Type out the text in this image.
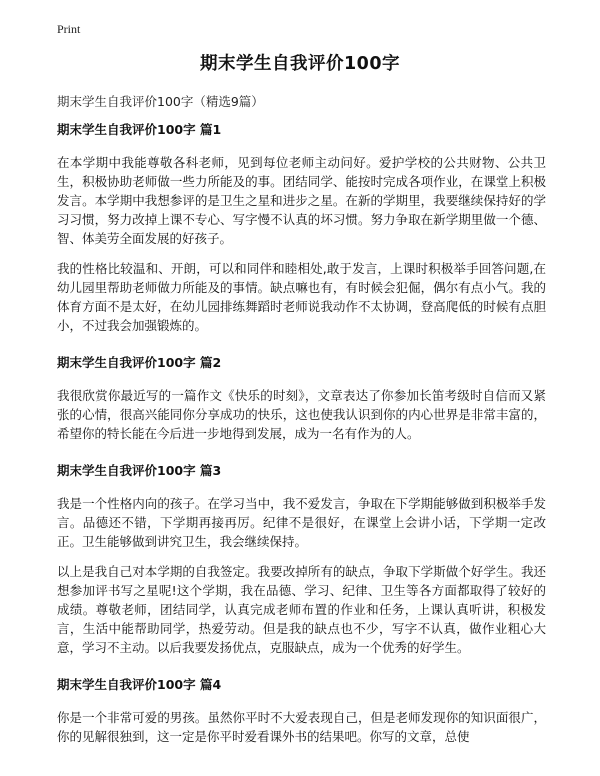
Print
期末学生自我评价100字
期末学生自我评价100字（精选9篇）
期末学生自我评价100字 篇1

在本学期中我能尊敬各科老师，见到每位老师主动问好。爱护学校的公共财物、公共卫生，积极协助老师做一些力所能及的事。团结同学、能按时完成各项作业，在课堂上积极发言。本学期中我想参评的是卫生之星和进步之星。在新的学期里，我要继续保持好的学习习惯，努力改掉上课不专心、写字慢不认真的坏习惯。努力争取在新学期里做一个德、智、体美劳全面发展的好孩子。

我的性格比较温和、开朗，可以和同伴和睦相处,敢于发言，上课时积极举手回答问题,在幼儿园里帮助老师做力所能及的事情。缺点嘛也有，有时候会犯倔，偶尔有点小气。我的体育方面不是太好，在幼儿园排练舞蹈时老师说我动作不太协调，登高爬低的时候有点胆小，不过我会加强锻炼的。

期末学生自我评价100字 篇2

我很欣赏你最近写的一篇作文《快乐的时刻》，文章表达了你参加长笛考级时自信而又紧张的心情，很高兴能同你分享成功的快乐，这也使我认识到你的内心世界是非常丰富的，希望你的特长能在今后进一步地得到发展，成为一名有作为的人。

期末学生自我评价100字 篇3

我是一个性格内向的孩子。在学习当中，我不爱发言，争取在下学期能够做到积极举手发言。品德还不错，下学期再接再厉。纪律不是很好，在课堂上会讲小话，下学期一定改正。卫生能够做到讲究卫生，我会继续保持。

以上是我自己对本学期的自我签定。我要改掉所有的缺点，争取下学斯做个好学生。我还想参加评书写之星呢!这个学期，我在品德、学习、纪律、卫生等各方面都取得了较好的成绩。尊敬老师，团结同学，认真完成老师布置的作业和任务，上课认真听讲，积极发言，生活中能帮助同学，热爱劳动。但是我的缺点也不少，写字不认真，做作业粗心大意，学习不主动。以后我要发扬优点，克服缺点，成为一个优秀的好学生。

期末学生自我评价100字 篇4

你是一个非常可爱的男孩。虽然你平时不大爱表现自己，但是老师发现你的知识面很广，你的见解很独到，这一定是你平时爱看课外书的结果吧。你写的文章，总使
